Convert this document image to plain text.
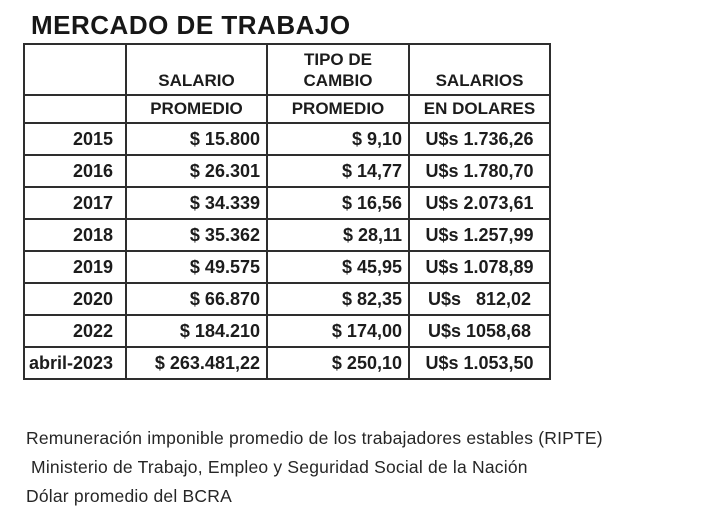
MERCADO DE TRABAJO
	SALARIO	TIPO DE CAMBIO	SALARIOS
	PROMEDIO	PROMEDIO	EN DOLARES
2015	$ 15.800	$ 9,10	U$s 1.736,26
2016	$ 26.301	$ 14,77	U$s 1.780,70
2017	$ 34.339	$ 16,56	U$s 2.073,61
2018	$ 35.362	$ 28,11	U$s 1.257,99
2019	$ 49.575	$ 45,95	U$s 1.078,89
2020	$ 66.870	$ 82,35	U$s   812,02
2022	$ 184.210	$ 174,00	U$s 1058,68
abril-2023	$ 263.481,22	$ 250,10	U$s 1.053,50
Remuneración imponible promedio de los trabajadores estables (RIPTE)
Ministerio de Trabajo, Empleo y Seguridad Social de la Nación
Dólar promedio del BCRA
